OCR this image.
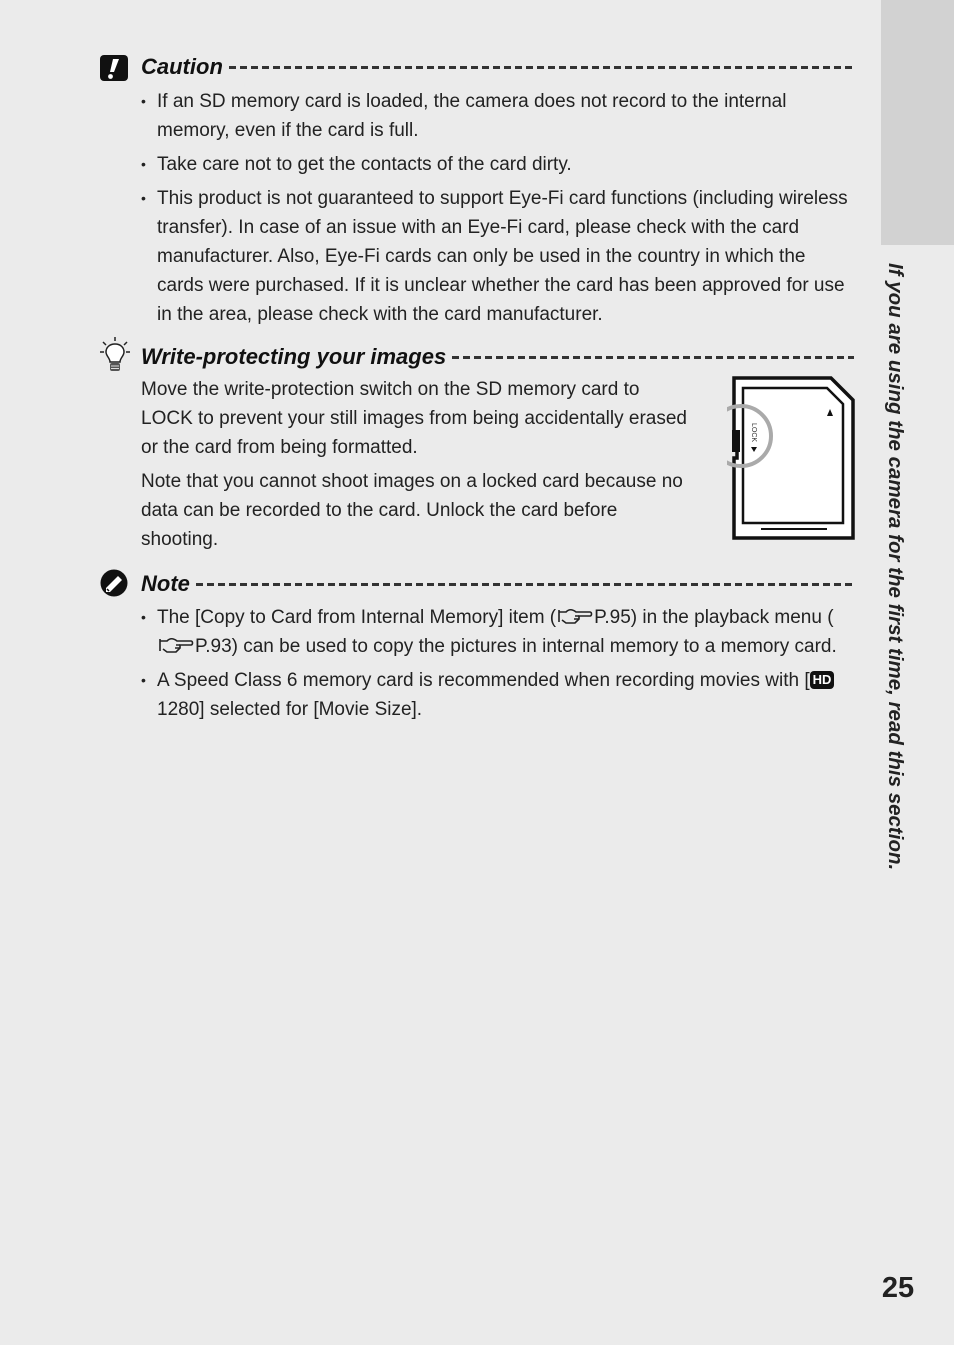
If you are using the camera for the first time, read this section.
Caution
• If an SD memory card is loaded, the camera does not record to the internal memory, even if the card is full.
• Take care not to get the contacts of the card dirty.
• This product is not guaranteed to support Eye-Fi card functions (including wireless transfer). In case of an issue with an Eye-Fi card, please check with the card manufacturer. Also, Eye-Fi cards can only be used in the country in which the cards were purchased. If it is unclear whether the card has been approved for use in the area, please check with the card manufacturer.
Write-protecting your images

Move the write-protection switch on the SD memory card to LOCK to prevent your still images from being accidentally erased or the card from being formatted.

Note that you cannot shoot images on a locked card because no data can be recorded to the card. Unlock the card before shooting.

LOCK
Note
• The [Copy to Card from Internal Memory] item ( P.95) in the playback menu (P.93) can be used to copy the pictures in internal memory to a memory card.
• A Speed Class 6 memory card is recommended when recording movies with [ HD1280] selected for [Movie Size].
25
